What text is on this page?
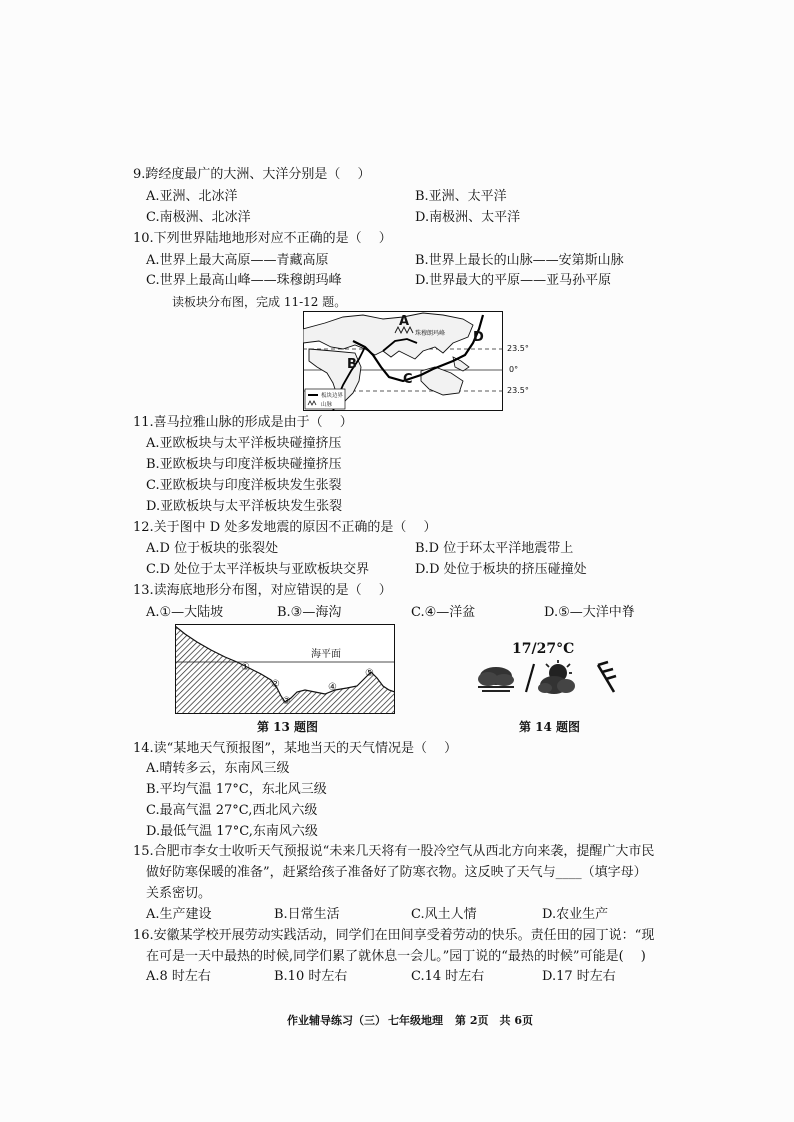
9.跨经度最广的大洲、大洋分别是（　 ）
A.亚洲、北冰洋	B.亚洲、太平洋
C.南极洲、北冰洋	D.南极洲、太平洋
10.下列世界陆地地形对应不正确的是（　 ）
A.世界上最大高原——青藏高原	B.世界上最长的山脉——安第斯山脉
C.世界上最高山峰——珠穆朗玛峰	D.世界最大的平原——亚马孙平原
读板块分布图，完成 11-12 题。
A
B
C
D
珠穆朗玛峰
板块边界
山脉
23.5°
0°
23.5°
11.喜马拉雅山脉的形成是由于（　 ）
A.亚欧板块与太平洋板块碰撞挤压
B.亚欧板块与印度洋板块碰撞挤压
C.亚欧板块与印度洋板块发生张裂
D.亚欧板块与太平洋板块发生张裂
12.关于图中 D 处多发地震的原因不正确的是（　 ）
A.D 位于板块的张裂处	B.D 位于环太平洋地震带上
C.D 处位于太平洋板块与亚欧板块交界	D.D 处位于板块的挤压碰撞处
13.读海底地形分布图，对应错误的是（　 ）
A.①—大陆坡	B.③—海沟	C.④—洋盆	D.⑤—大洋中脊
海平面
①
②
③
④
⑤
第 13 题图
17/27°C
第 14 题图
14.读“某地天气预报图”，某地当天的天气情况是（　 ）
A.晴转多云，东南风三级
B.平均气温 17°C，东北风三级
C.最高气温 27°C,西北风六级
D.最低气温 17°C,东南风六级
15.合肥市李女士收听天气预报说“未来几天将有一股冷空气从西北方向来袭，提醒广大市民
做好防寒保暖的准备”，赶紧给孩子准备好了防寒衣物。这反映了天气与____（填字母）
关系密切。
A.生产建设	B.日常生活	C.风土人情	D.农业生产
16.安徽某学校开展劳动实践活动，同学们在田间享受着劳动的快乐。责任田的园丁说：“现
在可是一天中最热的时候,同学们累了就休息一会儿。”园丁说的“最热的时候”可能是(　 )
A.8 时左右	B.10 时左右	C.14 时左右	D.17 时左右
作业辅导练习（三） 七年级地理 第 2页　共 6页
